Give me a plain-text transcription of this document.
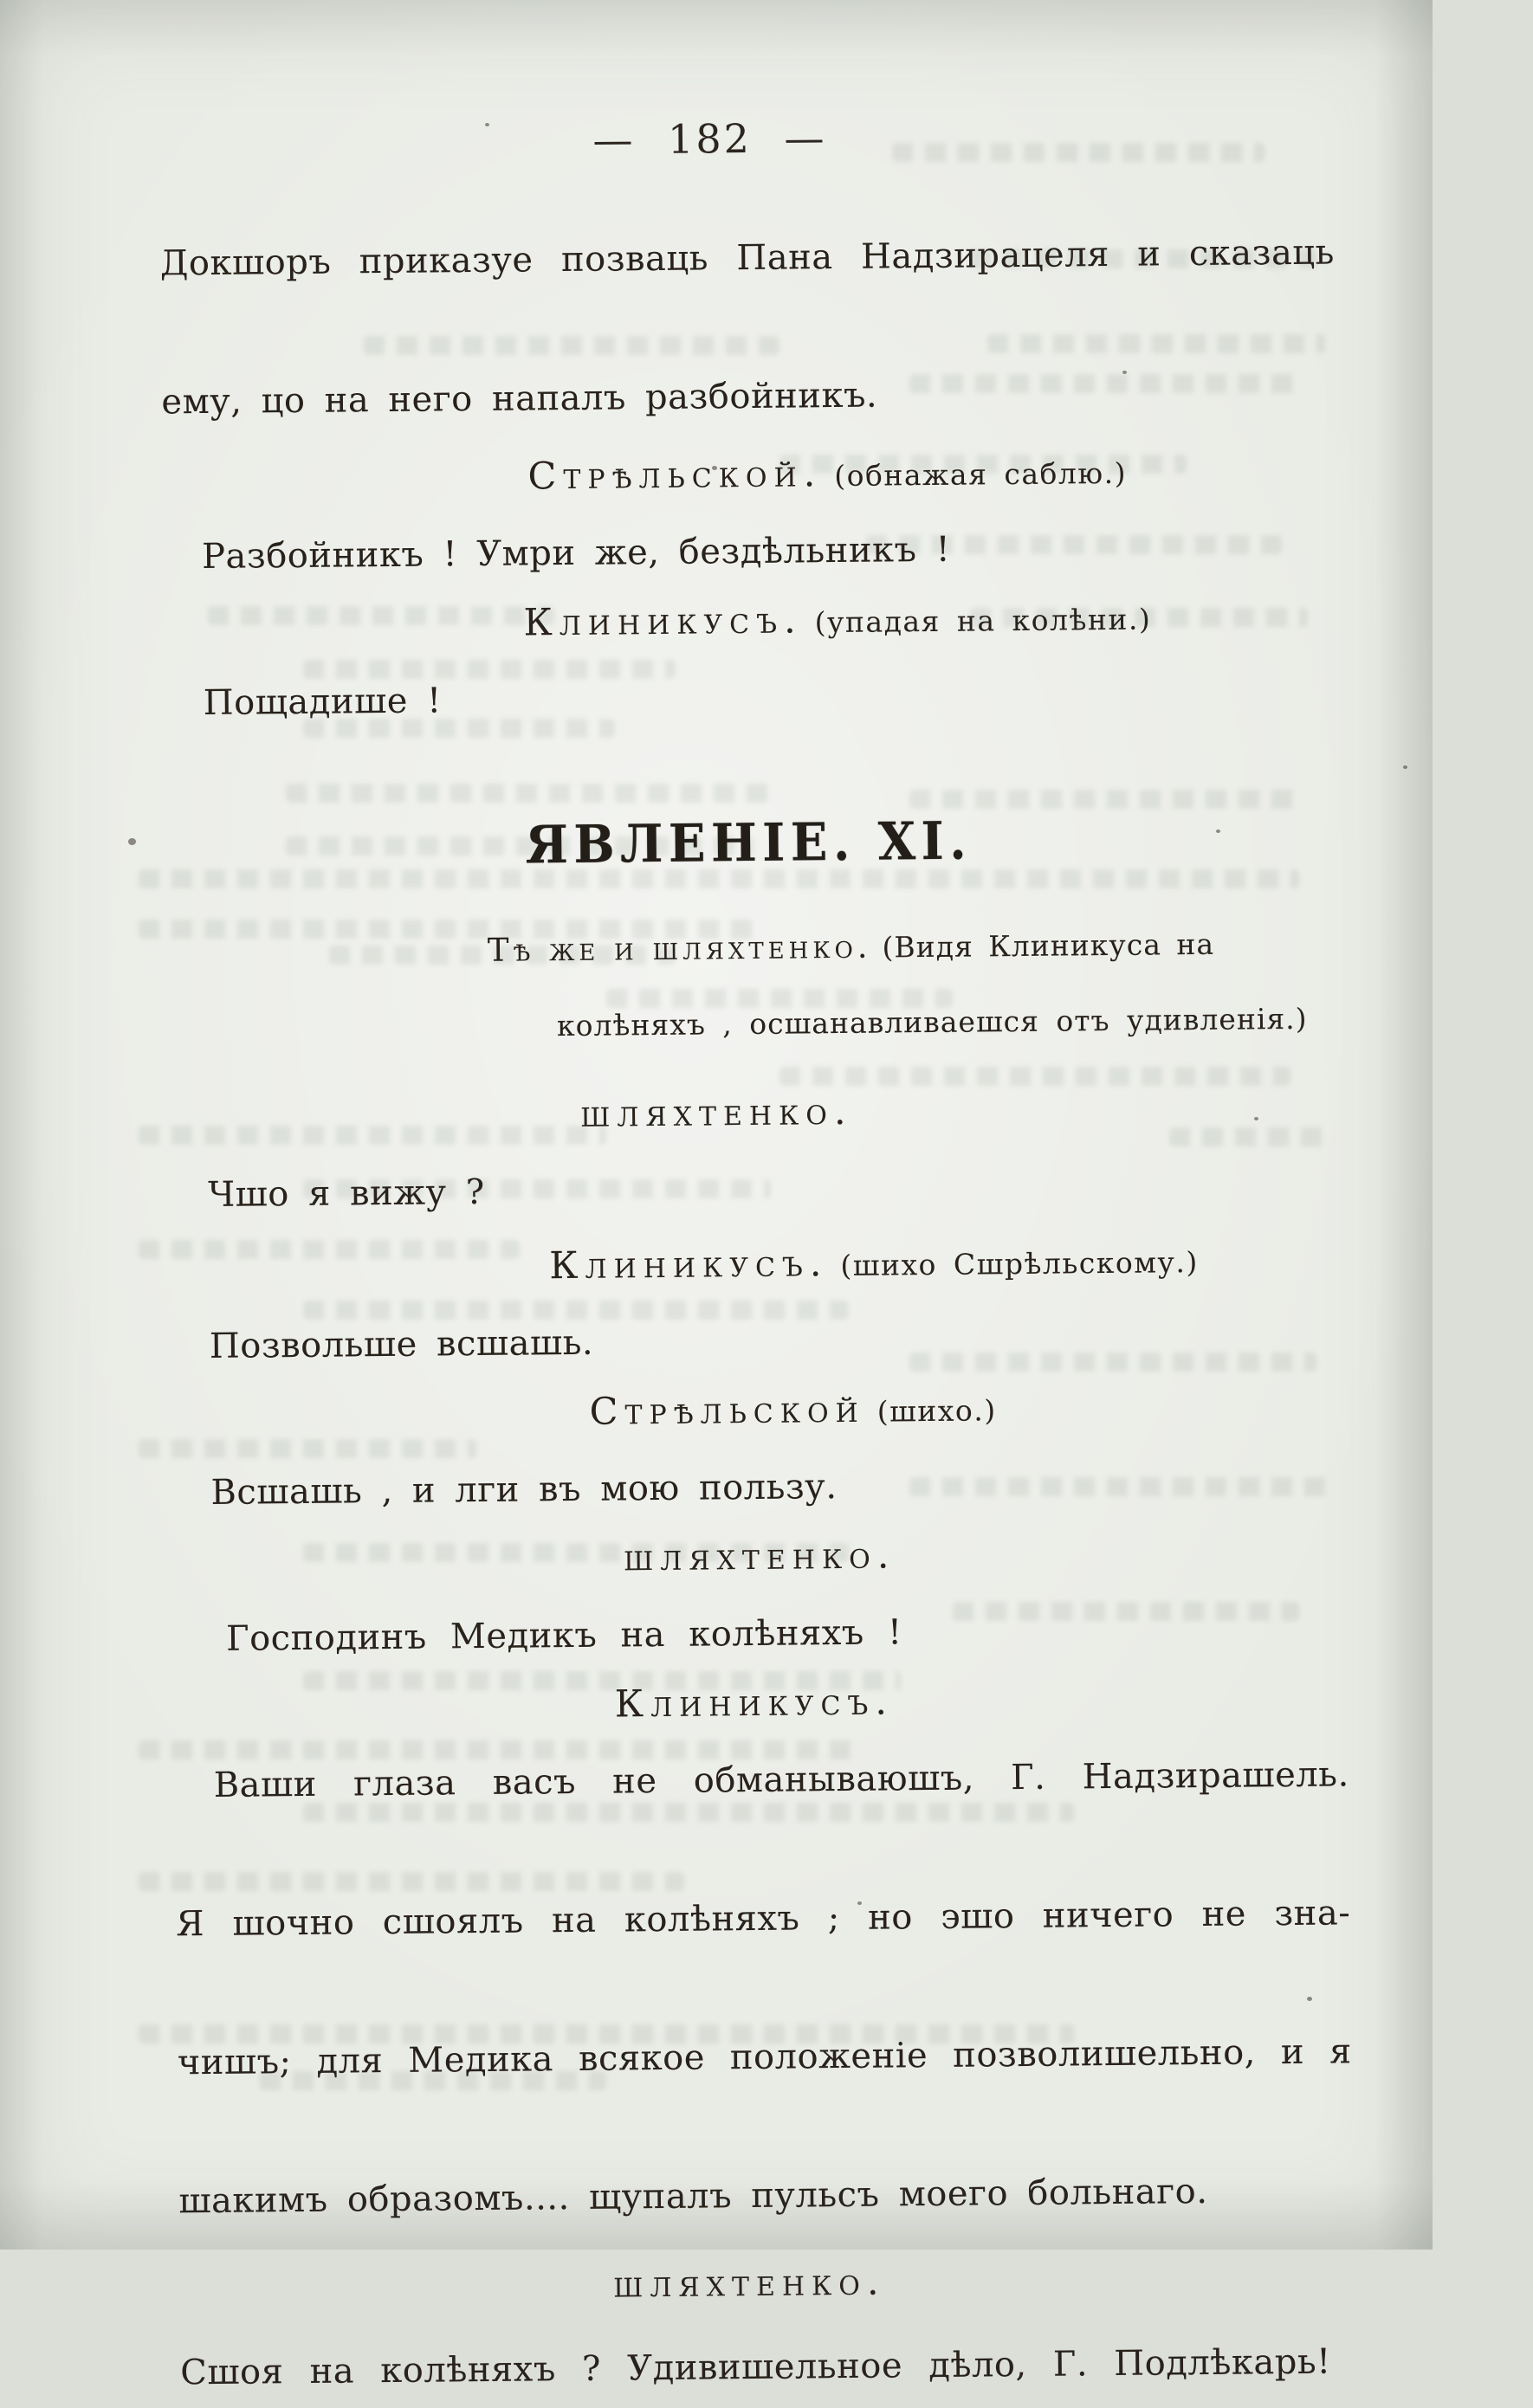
— 182 —
Докшоръ приказуе позваць Пана Надзирацеля и сказаць
ему, цо на него напалъ разбойникъ.
Стрѣльской. (обнажая саблю.)
Разбойникъ ! Умри же, бездѣльникъ !
Клиникусъ. (упадая на колѣни.)
Пощадише !
ЯВЛЕНІЕ. XI.
Тѣ же и шляхтенко. (Видя Клиникуса на
колѣняхъ , осшанавливаешся отъ удивленія.)
шляхтенко.
Чшо я вижу ?
Клиникусъ. (шихо Сшрѣльскому.)
Позвольше всшашь.
Стрѣльской (шихо.)
Всшашь , и лги въ мою пользу.
шляхтенко.
Господинъ Медикъ на колѣняхъ !
Клиникусъ.
Ваши глаза васъ не обманываюшъ, Г. Надзирашель.
Я шочно сшоялъ на колѣняхъ ; но эшо ничего не зна-
чишъ; для Медика всякое положеніе позволишельно, и я
шакимъ образомъ.... щупалъ пульсъ моего больнаго.
шляхтенко.
Сшоя на колѣняхъ ? Удивишельное дѣло, Г. Подлѣкарь!
